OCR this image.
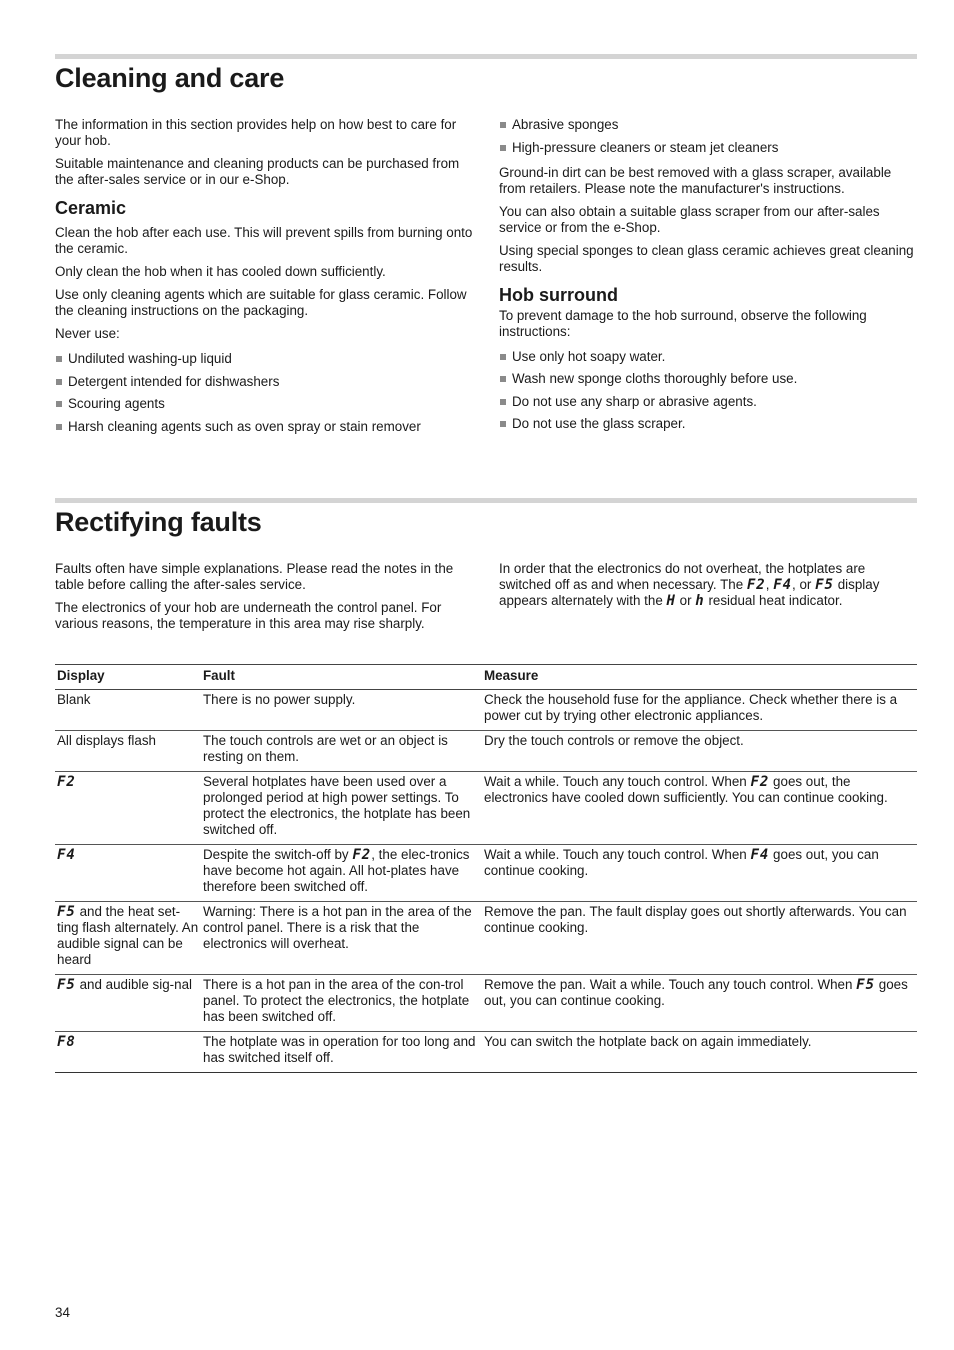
Cleaning and care

The information in this section provides help on how best to care for your hob.

Suitable maintenance and cleaning products can be purchased from the after-sales service or in our e-Shop.

Ceramic

Clean the hob after each use. This will prevent spills from burning onto the ceramic.

Only clean the hob when it has cooled down sufficiently.

Use only cleaning agents which are suitable for glass ceramic. Follow the cleaning instructions on the packaging.

Never use:

Undiluted washing-up liquid
Detergent intended for dishwashers
Scouring agents
Harsh cleaning agents such as oven spray or stain remover
Abrasive sponges
High-pressure cleaners or steam jet cleaners

Ground-in dirt can be best removed with a glass scraper, available from retailers. Please note the manufacturer's instructions.

You can also obtain a suitable glass scraper from our after-sales service or from the e-Shop.

Using special sponges to clean glass ceramic achieves great cleaning results.

Hob surround

To prevent damage to the hob surround, observe the following instructions:

Use only hot soapy water.
Wash new sponge cloths thoroughly before use.
Do not use any sharp or abrasive agents.
Do not use the glass scraper.
Rectifying faults

Faults often have simple explanations. Please read the notes in the table before calling the after-sales service.

The electronics of your hob are underneath the control panel. For various reasons, the temperature in this area may rise sharply.

In order that the electronics do not overheat, the hotplates are switched off as and when necessary. The F2, F4, or F5 display appears alternately with the H or h residual heat indicator.

Display	Fault	Measure
Blank	There is no power supply.	Check the household fuse for the appliance. Check whether there is a power cut by trying other electronic appliances.
All displays flash	The touch controls are wet or an object is resting on them.	Dry the touch controls or remove the object.
F2	Several hotplates have been used over a prolonged period at high power settings. To protect the electronics, the hotplate has been switched off.	Wait a while. Touch any touch control. When F2 goes out, the electronics have cooled down sufficiently. You can continue cooking.
F4	Despite the switch-off by F2, the elec-tronics have become hot again. All hot-plates have therefore been switched off.	Wait a while. Touch any touch control. When F4 goes out, you can continue cooking.
F5 and the heat set-ting flash alternately. An audible signal can be heard	Warning: There is a hot pan in the area of the control panel. There is a risk that the electronics will overheat.	Remove the pan. The fault display goes out shortly afterwards. You can continue cooking.
F5 and audible sig-nal	There is a hot pan in the area of the con-trol panel. To protect the electronics, the hotplate has been switched off.	Remove the pan. Wait a while. Touch any touch control. When F5 goes out, you can continue cooking.
F8	The hotplate was in operation for too long and has switched itself off.	You can switch the hotplate back on again immediately.
34
